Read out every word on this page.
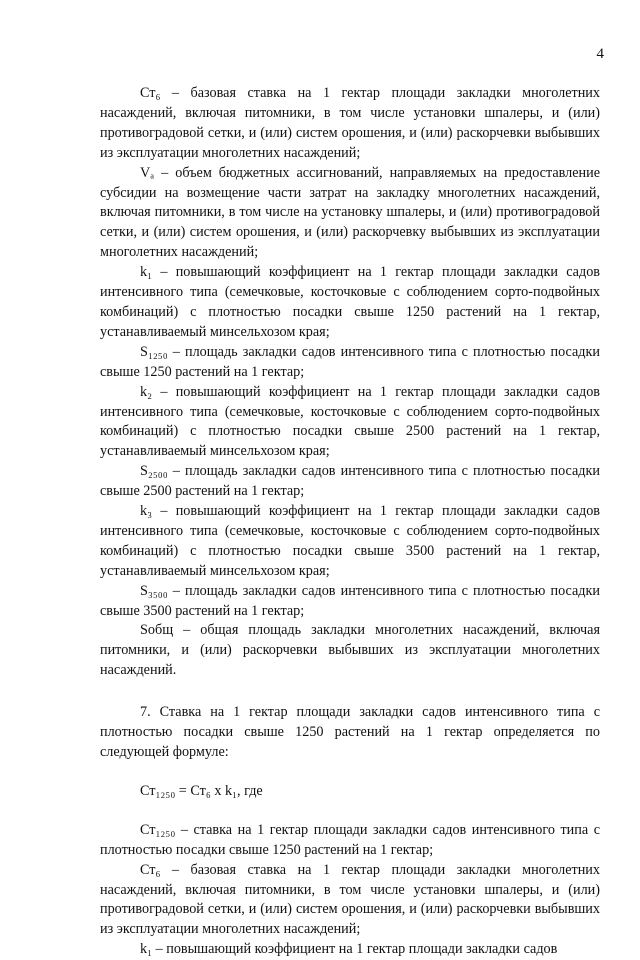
4

Ст₆ – базовая ставка на 1 гектар площади закладки многолетних насаждений, включая питомники, в том числе установки шпалеры, и (или) противоградовой сетки, и (или) систем орошения, и (или) раскорчевки выбывших из эксплуатации многолетних насаждений;

Vₐ – объем бюджетных ассигнований, направляемых на предоставление субсидии на возмещение части затрат на закладку многолетних насаждений, включая питомники, в том числе на установку шпалеры, и (или) противоградовой сетки, и (или) систем орошения, и (или) раскорчевку выбывших из эксплуатации многолетних насаждений;

k₁ – повышающий коэффициент на 1 гектар площади закладки садов интенсивного типа (семечковые, косточковые с соблюдением сорто-подвойных комбинаций) с плотностью посадки свыше 1250 растений на 1 гектар, устанавливаемый минсельхозом края;

S₁₂₅₀ – площадь закладки садов интенсивного типа с плотностью посадки свыше 1250 растений на 1 гектар;

k₂ – повышающий коэффициент на 1 гектар площади закладки садов интенсивного типа (семечковые, косточковые с соблюдением сорто-подвойных комбинаций) с плотностью посадки свыше 2500 растений на 1 гектар, устанавливаемый минсельхозом края;

S₂₅₀₀ – площадь закладки садов интенсивного типа с плотностью посадки свыше 2500 растений на 1 гектар;

k₃ – повышающий коэффициент на 1 гектар площади закладки садов интенсивного типа (семечковые, косточковые с соблюдением сорто-подвойных комбинаций) с плотностью посадки свыше 3500 растений на 1 гектар, устанавливаемый минсельхозом края;

S₃₅₀₀ – площадь закладки садов интенсивного типа с плотностью посадки свыше 3500 растений на 1 гектар;

Sобщ – общая площадь закладки многолетних насаждений, включая питомники, и (или) раскорчевки выбывших из эксплуатации многолетних насаждений.

7. Ставка на 1 гектар площади закладки садов интенсивного типа с плотностью посадки свыше 1250 растений на 1 гектар определяется по следующей формуле:

Ст₁₂₅₀ = Ст₆ x k₁, где

Ст₁₂₅₀ – ставка на 1 гектар площади закладки садов интенсивного типа с плотностью посадки свыше 1250 растений на 1 гектар;

Ст₆ – базовая ставка на 1 гектар площади закладки многолетних насаждений, включая питомники, в том числе установки шпалеры, и (или) противоградовой сетки, и (или) систем орошения, и (или) раскорчевки выбывших из эксплуатации многолетних насаждений;

k₁ – повышающий коэффициент на 1 гектар площади закладки садов
